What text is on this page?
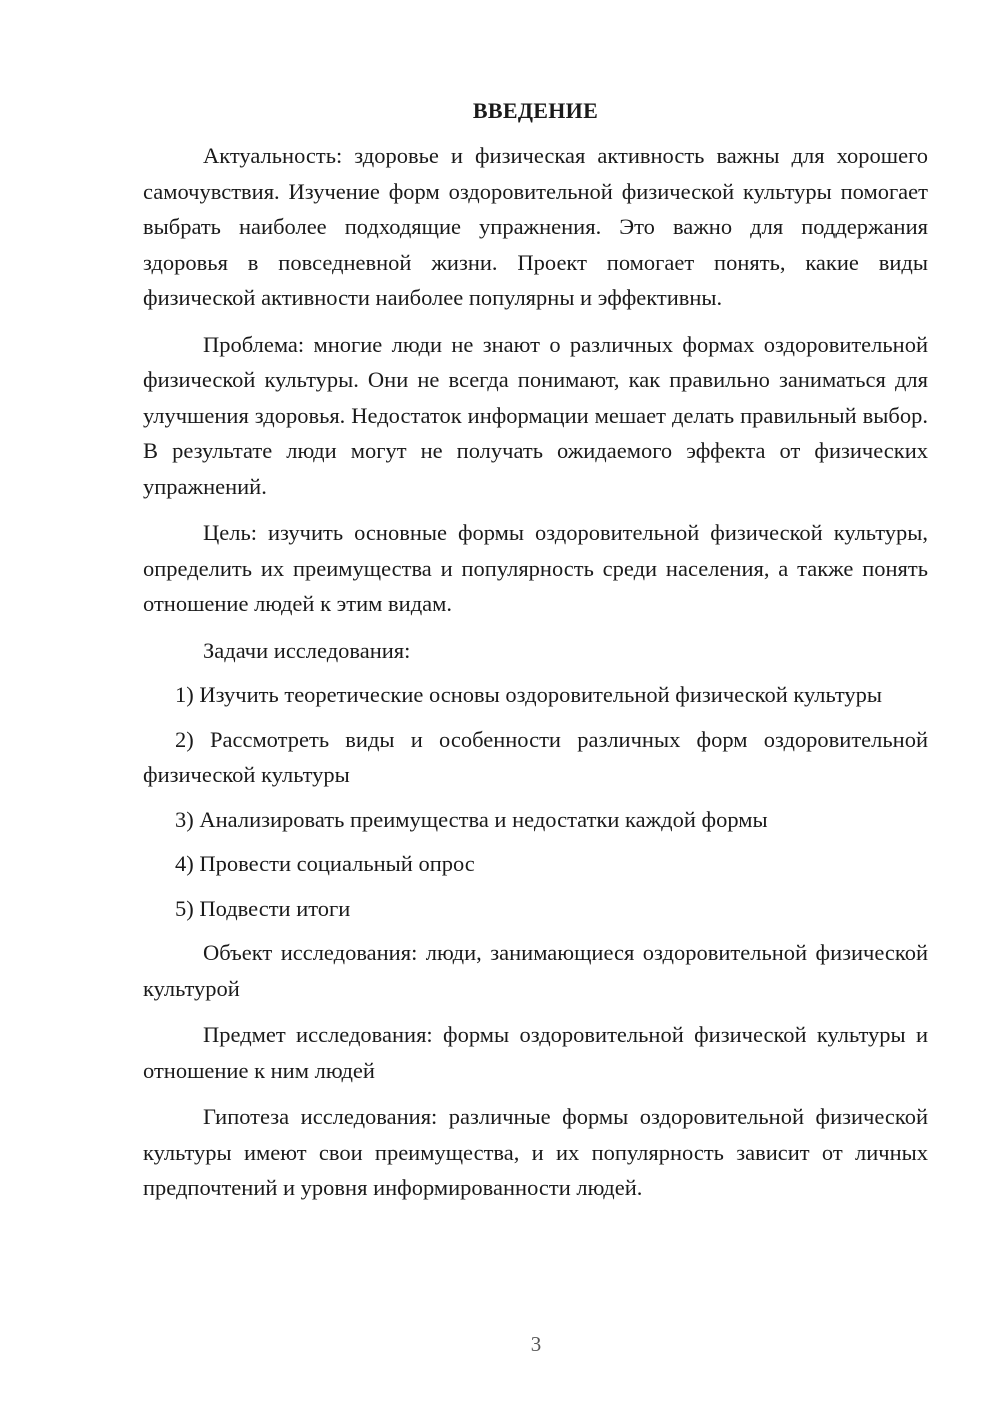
ВВЕДЕНИЕ

Актуальность: здоровье и физическая активность важны для хорошего самочувствия. Изучение форм оздоровительной физической культуры помогает выбрать наиболее подходящие упражнения. Это важно для поддержания здоровья в повседневной жизни. Проект помогает понять, какие виды физической активности наиболее популярны и эффективны.

Проблема: многие люди не знают о различных формах оздоровительной физической культуры. Они не всегда понимают, как правильно заниматься для улучшения здоровья. Недостаток информации мешает делать правильный выбор. В результате люди могут не получать ожидаемого эффекта от физических упражнений.

Цель: изучить основные формы оздоровительной физической культуры, определить их преимущества и популярность среди населения, а также понять отношение людей к этим видам.

Задачи исследования:

1) Изучить теоретические основы оздоровительной физической культуры

2) Рассмотреть виды и особенности различных форм оздоровительной физической культуры

3) Анализировать преимущества и недостатки каждой формы

4) Провести социальный опрос

5) Подвести итоги

Объект исследования: люди, занимающиеся оздоровительной физической культурой

Предмет исследования: формы оздоровительной физической культуры и отношение к ним людей

Гипотеза исследования: различные формы оздоровительной физической культуры имеют свои преимущества, и их популярность зависит от личных предпочтений и уровня информированности людей.

3
